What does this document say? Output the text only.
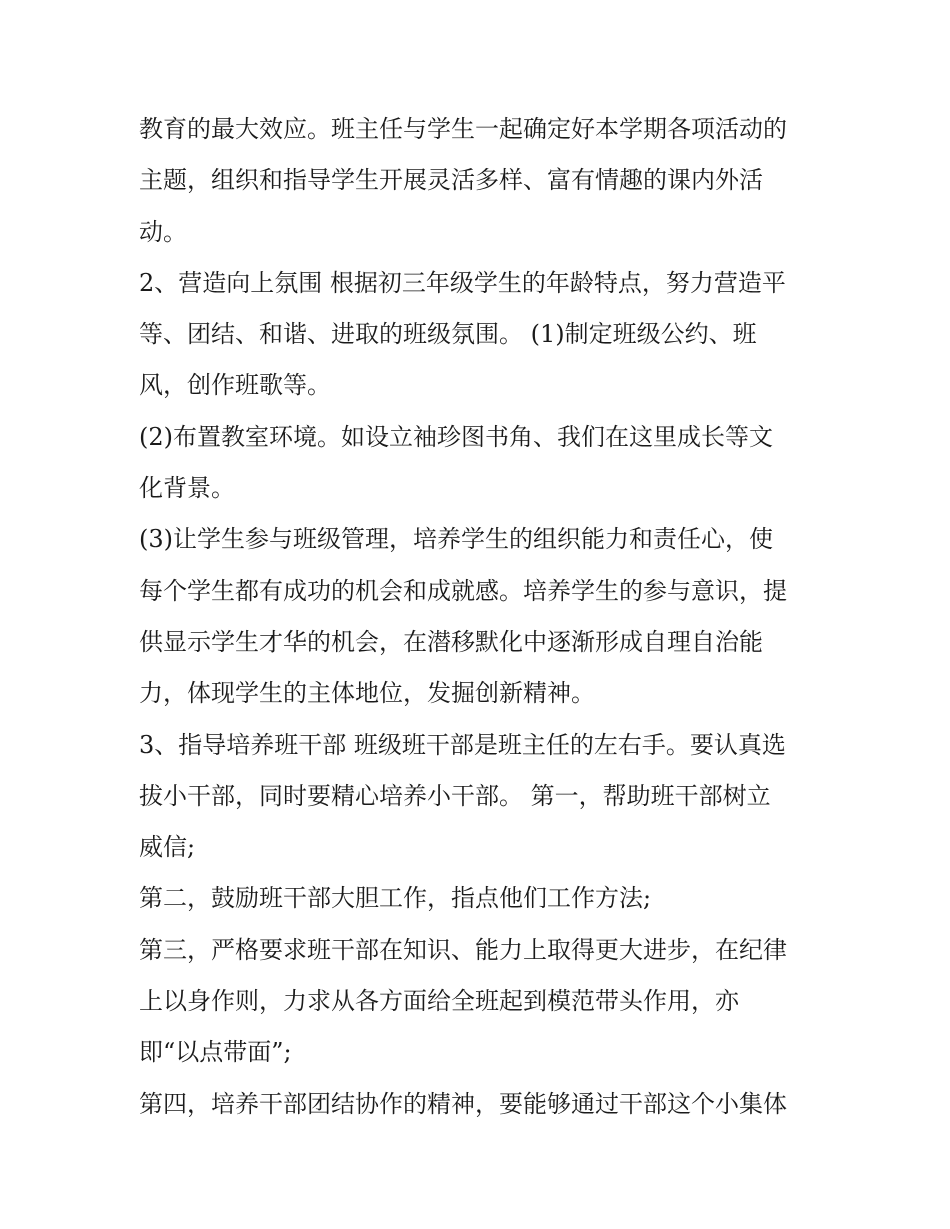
教育的最大效应。班主任与学生一起确定好本学期各项活动的
主题，组织和指导学生开展灵活多样、富有情趣的课内外活
动。
2、营造向上氛围 根据初三年级学生的年龄特点，努力营造平
等、团结、和谐、进取的班级氛围。 (1)制定班级公约、班
风，创作班歌等。
(2)布置教室环境。如设立袖珍图书角、我们在这里成长等文
化背景。
(3)让学生参与班级管理，培养学生的组织能力和责任心，使
每个学生都有成功的机会和成就感。培养学生的参与意识，提
供显示学生才华的机会，在潜移默化中逐渐形成自理自治能
力，体现学生的主体地位，发掘创新精神。
3、指导培养班干部 班级班干部是班主任的左右手。要认真选
拔小干部，同时要精心培养小干部。 第一，帮助班干部树立
威信;
第二，鼓励班干部大胆工作，指点他们工作方法;
第三，严格要求班干部在知识、能力上取得更大进步，在纪律
上以身作则，力求从各方面给全班起到模范带头作用，亦
即“以点带面”;
第四，培养干部团结协作的精神，要能够通过干部这个小集体
